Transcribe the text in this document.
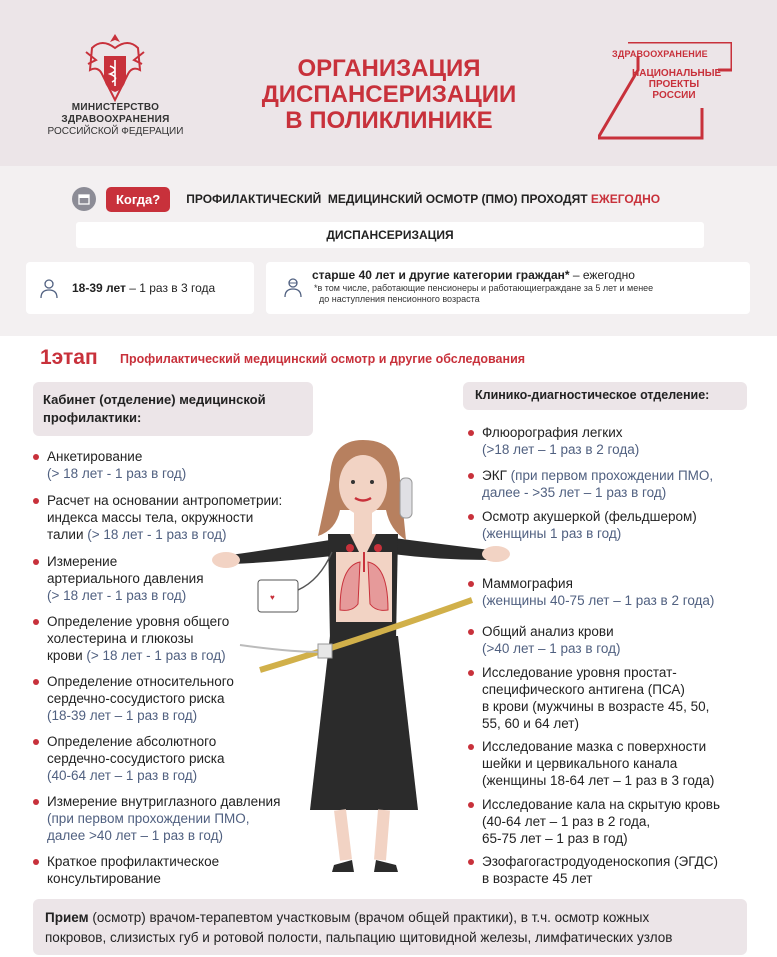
МИНИСТЕРСТВО
ЗДРАВООХРАНЕНИЯ
РОССИЙСКОЙ ФЕДЕРАЦИИ
ОРГАНИЗАЦИЯ
ДИСПАНСЕРИЗАЦИИ
В ПОЛИКЛИНИКЕ
ЗДРАВООХРАНЕНИЕ
НАЦИОНАЛЬНЫЕ
ПРОЕКТЫ
РОССИИ
Когда?	ПРОФИЛАКТИЧЕСКИЙ  МЕДИЦИНСКИЙ ОСМОТР (ПМО) ПРОХОДЯТ ЕЖЕГОДНО
ДИСПАНСЕРИЗАЦИЯ
18-39 лет – 1 раз в 3 года
старше 40 лет и другие категории граждан* – ежегодно
*в том числе, работающие пенсионеры и работающиеграждане за 5 лет и менее
до наступления пенсионного возраста
1этап Профилактический медицинский осмотр и другие обследования
Кабинет (отделение) медицинской
профилактики:
Клинико-диагностическое отделение:
♥
Анкетирование
(> 18 лет - 1 раз в год)
Расчет на основании антропометрии:
индекса массы тела, окружности
талии (> 18 лет - 1 раз в год)
Измерение
артериального давления
(> 18 лет - 1 раз в год)
Определение уровня общего
холестерина и глюкозы
крови (> 18 лет - 1 раз в год)
Определение относительного
сердечно-сосудистого риска
(18-39 лет – 1 раз в год)
Определение абсолютного
сердечно-сосудистого риска
(40-64 лет – 1 раз в год)
Измерение внутриглазного давления
(при первом прохождении ПМО,
далее >40 лет – 1 раз в год)
Краткое профилактическое
консультирование
Флюорография легких
(>18 лет – 1 раз в 2 года)
ЭКГ (при первом прохождении ПМО,
далее - >35 лет – 1 раз в год)
Осмотр акушеркой (фельдшером)
(женщины 1 раз в год)
Маммография
(женщины 40-75 лет – 1 раз в 2 года)
Общий анализ крови
(>40 лет – 1 раз в год)
Исследование уровня простат-
специфического антигена (ПСА)
в крови (мужчины в возрасте 45, 50,
55, 60 и 64 лет)
Исследование мазка с поверхности
шейки и цервикального канала
(женщины 18-64 лет – 1 раз в 3 года)
Исследование кала на скрытую кровь
(40-64 лет – 1 раз в 2 года,
65-75 лет – 1 раз в год)
Эзофагогастродуоденоскопия (ЭГДС)
в возрасте 45 лет
Прием (осмотр) врачом-терапевтом участковым (врачом общей практики), в т.ч. осмотр кожных
покровов, слизистых губ и ротовой полости, пальпацию щитовидной железы, лимфатических узлов
